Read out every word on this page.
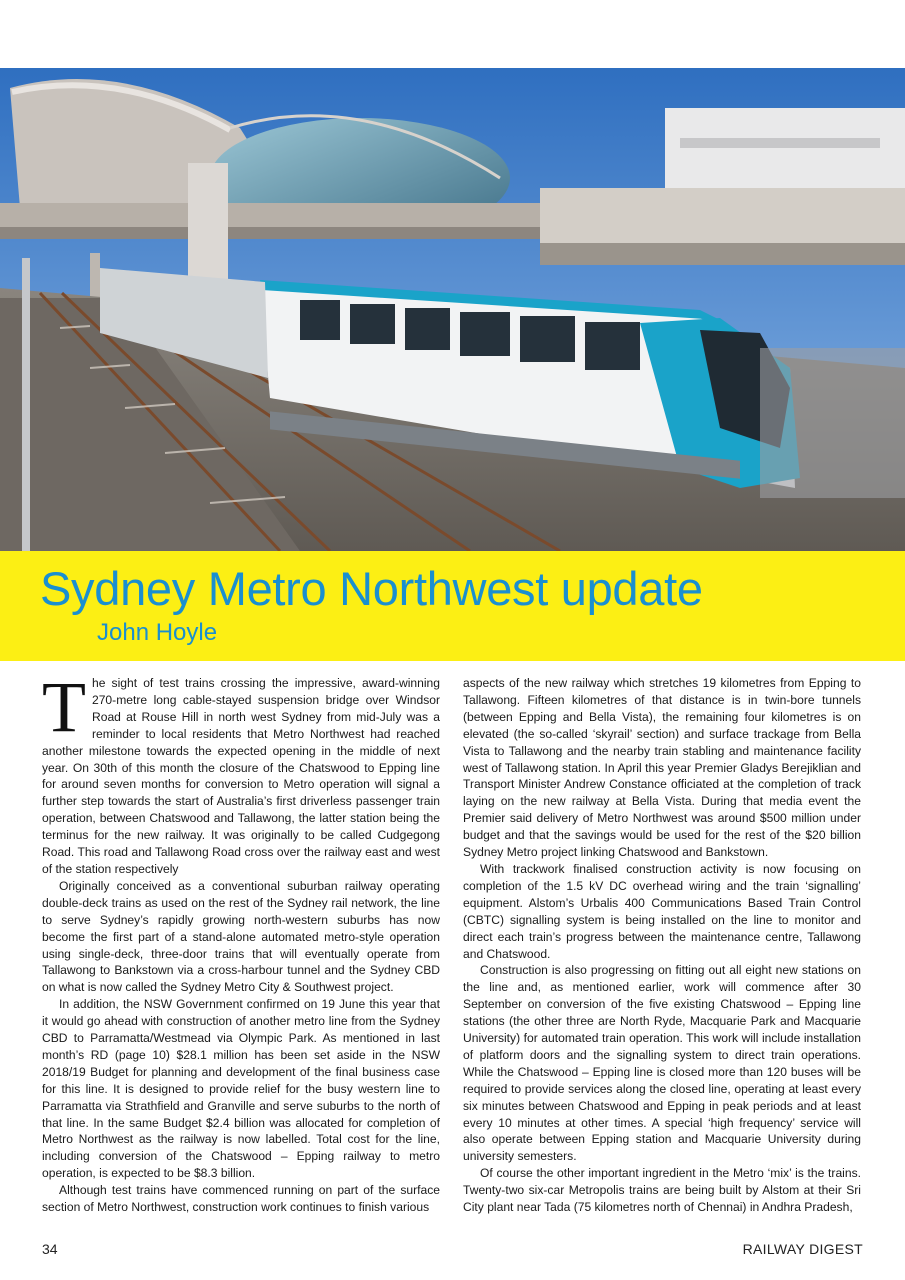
Sydney Metro Northwest update
John Hoyle

The sight of test trains crossing the impressive, award-winning 270-metre long cable-stayed suspension bridge over Windsor Road at Rouse Hill in north west Sydney from mid-July was a reminder to local residents that Metro Northwest had reached another milestone towards the expected opening in the middle of next year. On 30th of this month the closure of the Chatswood to Epping line for around seven months for conversion to Metro operation will signal a further step towards the start of Australia’s first driverless passenger train operation, between Chatswood and Tallawong, the latter station being the terminus for the new railway. It was originally to be called Cudgegong Road. This road and Tallawong Road cross over the railway east and west of the station respectively

Originally conceived as a conventional suburban railway operating double-deck trains as used on the rest of the Sydney rail network, the line to serve Sydney’s rapidly growing north-western suburbs has now become the first part of a stand-alone automated metro-style operation using single-deck, three-door trains that will eventually operate from Tallawong to Bankstown via a cross-harbour tunnel and the Sydney CBD on what is now called the Sydney Metro City & Southwest project.

In addition, the NSW Government confirmed on 19 June this year that it would go ahead with construction of another metro line from the Sydney CBD to Parramatta/Westmead via Olympic Park. As mentioned in last month’s RD (page 10) $28.1 million has been set aside in the NSW 2018/19 Budget for planning and development of the final business case for this line. It is designed to provide relief for the busy western line to Parramatta via Strathfield and Granville and serve suburbs to the north of that line. In the same Budget $2.4 billion was allocated for completion of Metro Northwest as the railway is now labelled. Total cost for the line, including conversion of the Chatswood – Epping railway to metro operation, is expected to be $8.3 billion.

Although test trains have commenced running on part of the surface section of Metro Northwest, construction work continues to finish various

aspects of the new railway which stretches 19 kilometres from Epping to Tallawong. Fifteen kilometres of that distance is in twin-bore tunnels (between Epping and Bella Vista), the remaining four kilometres is on elevated (the so-called ‘skyrail’ section) and surface trackage from Bella Vista to Tallawong and the nearby train stabling and maintenance facility west of Tallawong station. In April this year Premier Gladys Berejiklian and Transport Minister Andrew Constance officiated at the completion of track laying on the new railway at Bella Vista. During that media event the Premier said delivery of Metro Northwest was around $500 million under budget and that the savings would be used for the rest of the $20 billion Sydney Metro project linking Chatswood and Bankstown.

With trackwork finalised construction activity is now focusing on completion of the 1.5 kV DC overhead wiring and the train ‘signalling’ equipment. Alstom’s Urbalis 400 Communications Based Train Control (CBTC) signalling system is being installed on the line to monitor and direct each train’s progress between the maintenance centre, Tallawong and Chatswood.

Construction is also progressing on fitting out all eight new stations on the line and, as mentioned earlier, work will commence after 30 September on conversion of the five existing Chatswood – Epping line stations (the other three are North Ryde, Macquarie Park and Macquarie University) for automated train operation. This work will include installation of platform doors and the signalling system to direct train operations. While the Chatswood – Epping line is closed more than 120 buses will be required to provide services along the closed line, operating at least every six minutes between Chatswood and Epping in peak periods and at least every 10 minutes at other times. A special ‘high frequency’ service will also operate between Epping station and Macquarie University during university semesters.

Of course the other important ingredient in the Metro ‘mix’ is the trains. Twenty-two six-car Metropolis trains are being built by Alstom at their Sri City plant near Tada (75 kilometres north of Chennai) in Andhra Pradesh,

34	RAILWAY DIGEST
